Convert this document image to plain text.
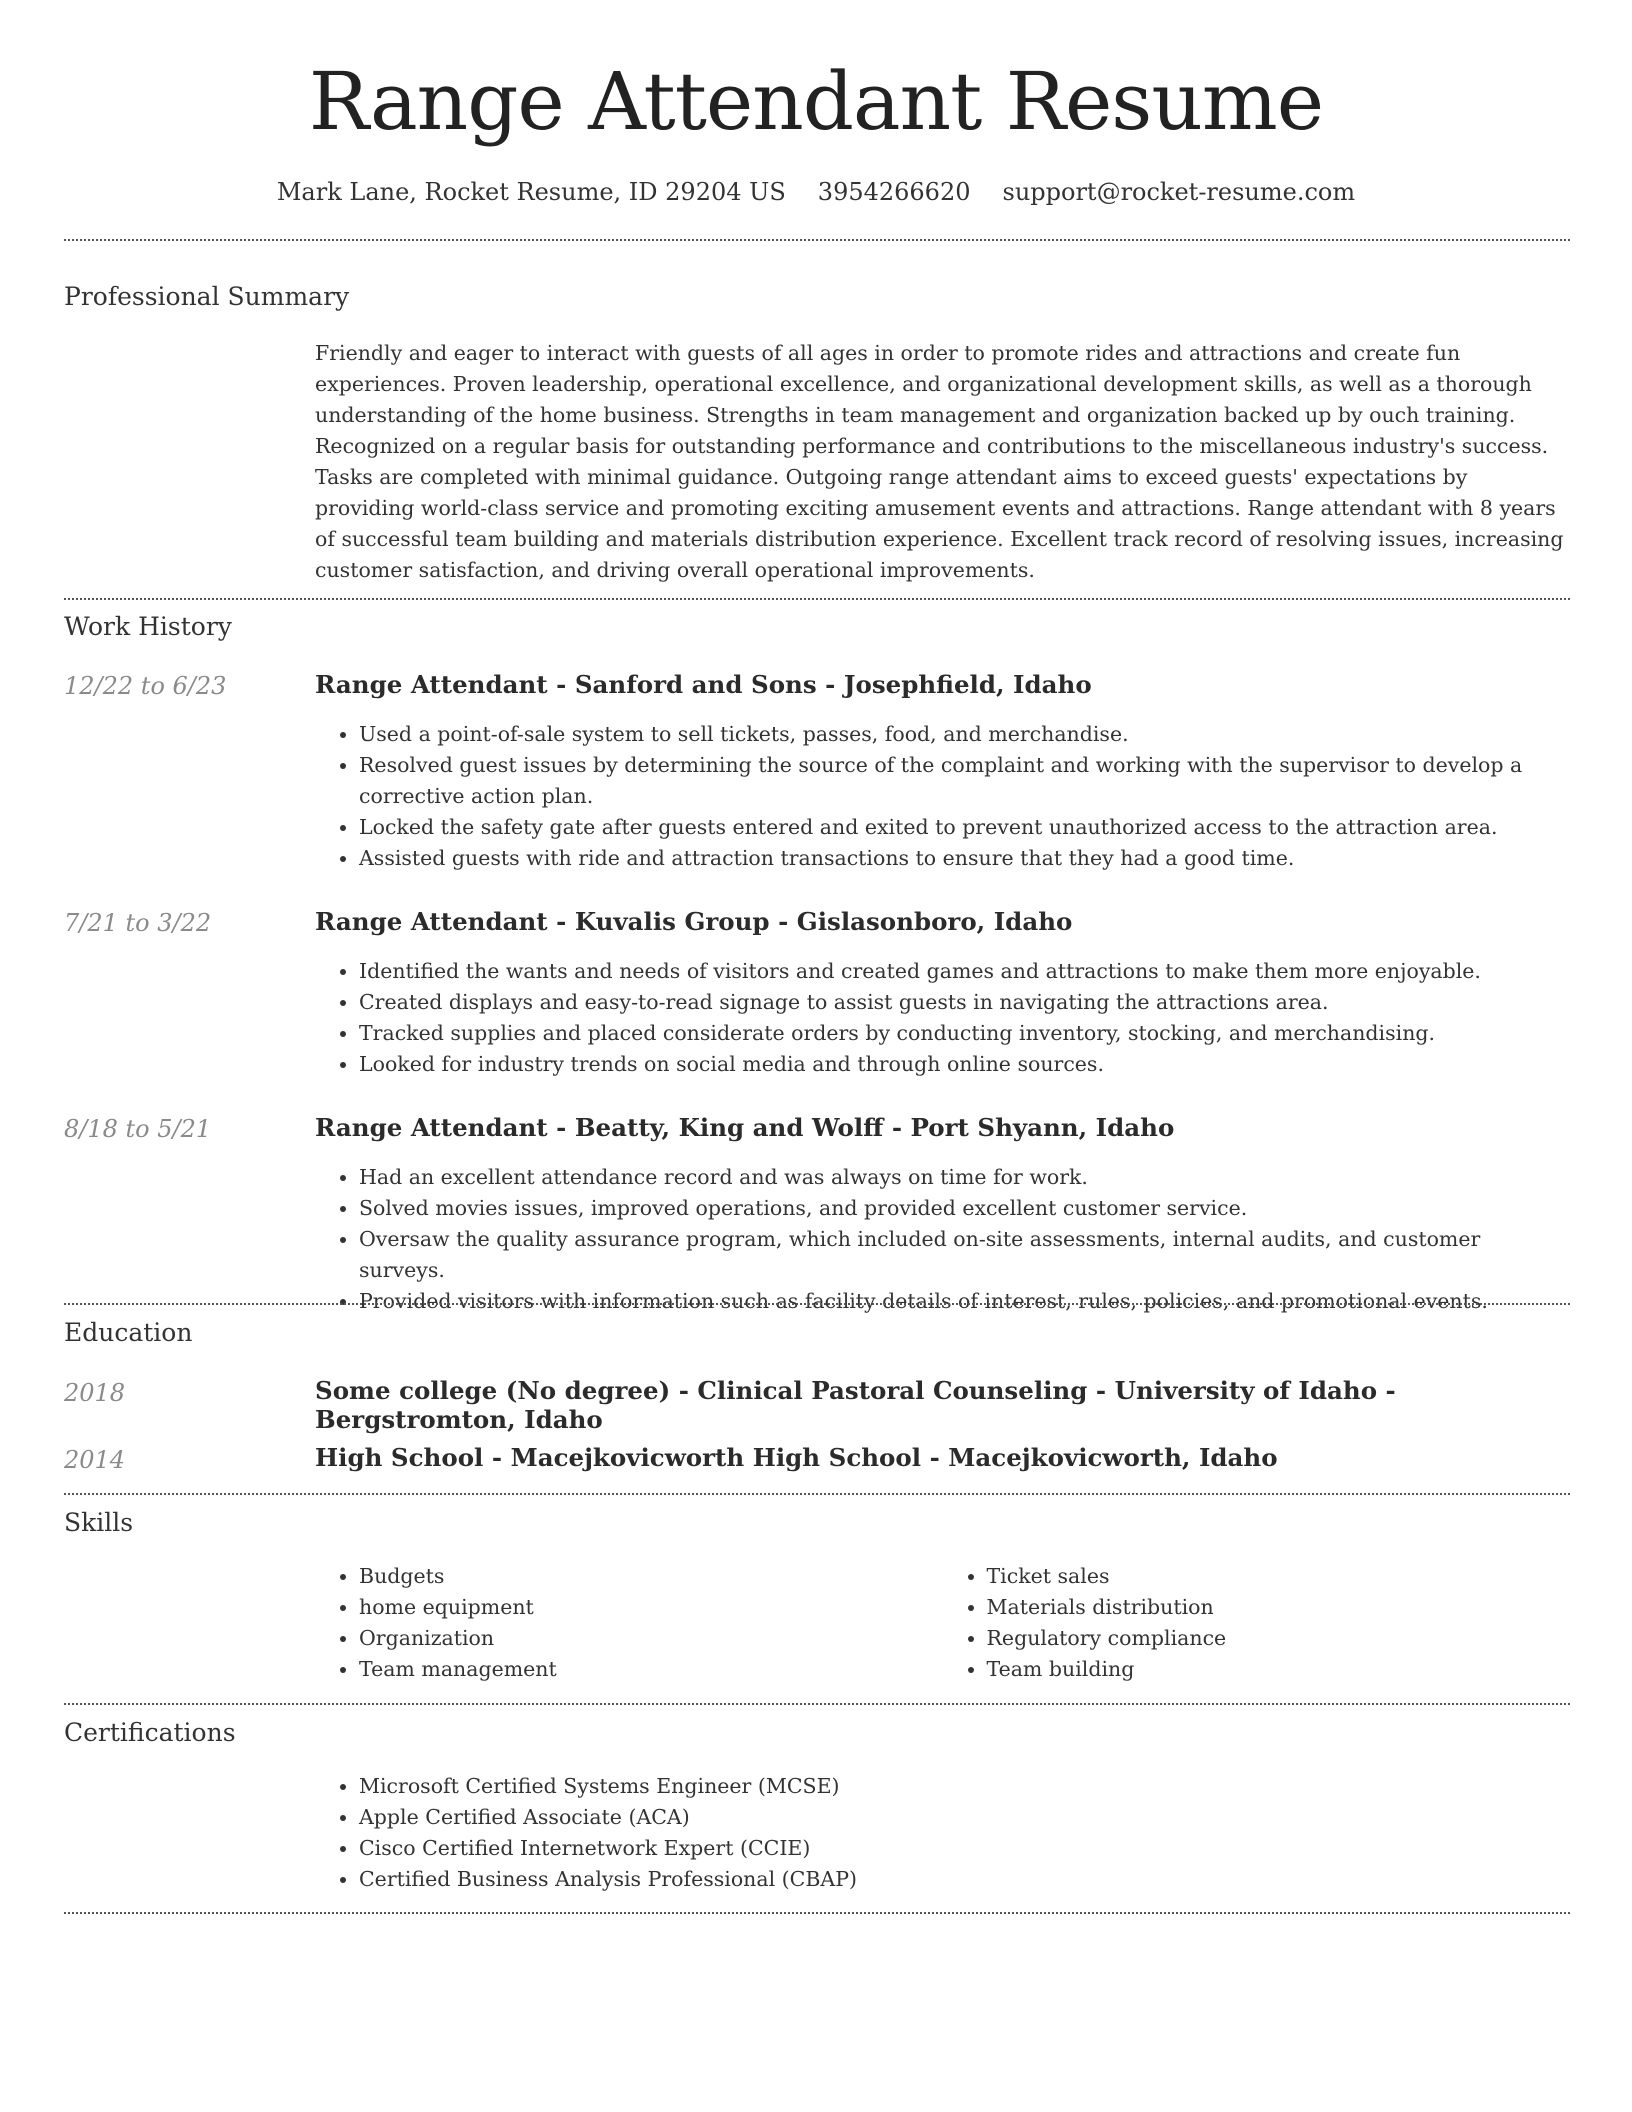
Range Attendant Resume
Mark Lane, Rocket Resume, ID 29204 US 3954266620 support@rocket-resume.com
Professional Summary

Friendly and eager to interact with guests of all ages in order to promote rides and attractions and create fun experiences. Proven leadership, operational excellence, and organizational development skills, as well as a thorough understanding of the home business. Strengths in team management and organization backed up by ouch training. Recognized on a regular basis for outstanding performance and contributions to the miscellaneous industry's success. Tasks are completed with minimal guidance. Outgoing range attendant aims to exceed guests' expectations by providing world-class service and promoting exciting amusement events and attractions. Range attendant with 8 years of successful team building and materials distribution experience. Excellent track record of resolving issues, increasing customer satisfaction, and driving overall operational improvements.

Work History
12/22 to 6/23	Range Attendant - Sanford and Sons - Josephfield, Idaho
• Used a point-of-sale system to sell tickets, passes, food, and merchandise.
• Resolved guest issues by determining the source of the complaint and working with the supervisor to develop a corrective action plan.
• Locked the safety gate after guests entered and exited to prevent unauthorized access to the attraction area.
• Assisted guests with ride and attraction transactions to ensure that they had a good time.
7/21 to 3/22	Range Attendant - Kuvalis Group - Gislasonboro, Idaho
• Identified the wants and needs of visitors and created games and attractions to make them more enjoyable.
• Created displays and easy-to-read signage to assist guests in navigating the attractions area.
• Tracked supplies and placed considerate orders by conducting inventory, stocking, and merchandising.
• Looked for industry trends on social media and through online sources.
8/18 to 5/21	Range Attendant - Beatty, King and Wolff - Port Shyann, Idaho
• Had an excellent attendance record and was always on time for work.
• Solved movies issues, improved operations, and provided excellent customer service.
• Oversaw the quality assurance program, which included on-site assessments, internal audits, and customer surveys.
• Provided visitors with information such as facility details of interest, rules, policies, and promotional events.
Education
2018	Some college (No degree) - Clinical Pastoral Counseling - University of Idaho - Bergstromton, Idaho
2014	High School - Macejkovicworth High School - Macejkovicworth, Idaho
Skills
• Budgets
• home equipment
• Organization
• Team management
• Ticket sales
• Materials distribution
• Regulatory compliance
• Team building
Certifications
• Microsoft Certified Systems Engineer (MCSE)
• Apple Certified Associate (ACA)
• Cisco Certified Internetwork Expert (CCIE)
• Certified Business Analysis Professional (CBAP)
